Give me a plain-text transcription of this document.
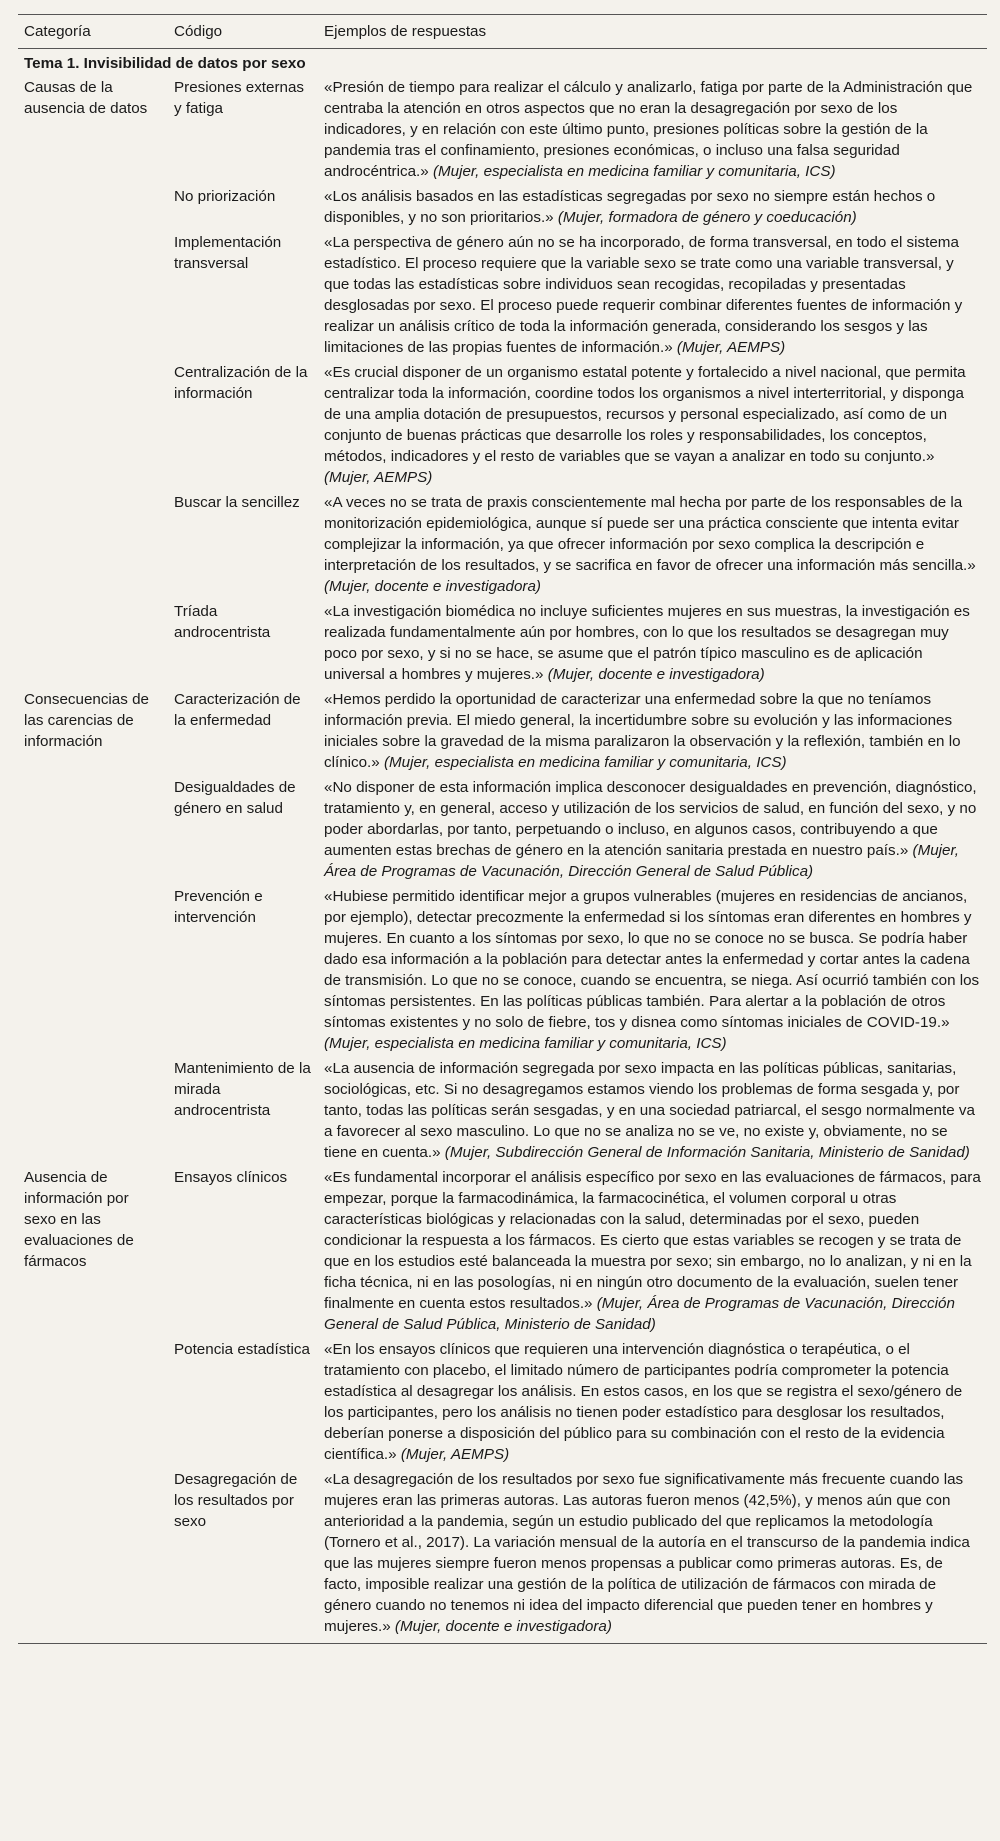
Categoría	Código	Ejemplos de respuestas
Tema 1. Invisibilidad de datos por sexo		
Causas de la ausencia de datos	Presiones externas y fatiga	«Presión de tiempo para realizar el cálculo y analizarlo, fatiga por parte de la Administración que centraba la atención en otros aspectos que no eran la desagregación por sexo de los indicadores, y en relación con este último punto, presiones políticas sobre la gestión de la pandemia tras el confinamiento, presiones económicas, o incluso una falsa seguridad androcéntrica.» (Mujer, especialista en medicina familiar y comunitaria, ICS)
	No priorización	«Los análisis basados en las estadísticas segregadas por sexo no siempre están hechos o disponibles, y no son prioritarios.» (Mujer, formadora de género y coeducación)
	Implementación transversal	«La perspectiva de género aún no se ha incorporado, de forma transversal, en todo el sistema estadístico. El proceso requiere que la variable sexo se trate como una variable transversal, y que todas las estadísticas sobre individuos sean recogidas, recopiladas y presentadas desglosadas por sexo. El proceso puede requerir combinar diferentes fuentes de información y realizar un análisis crítico de toda la información generada, considerando los sesgos y las limitaciones de las propias fuentes de información.» (Mujer, AEMPS)
	Centralización de la información	«Es crucial disponer de un organismo estatal potente y fortalecido a nivel nacional, que permita centralizar toda la información, coordine todos los organismos a nivel interterritorial, y disponga de una amplia dotación de presupuestos, recursos y personal especializado, así como de un conjunto de buenas prácticas que desarrolle los roles y responsabilidades, los conceptos, métodos, indicadores y el resto de variables que se vayan a analizar en todo su conjunto.» (Mujer, AEMPS)
	Buscar la sencillez	«A veces no se trata de praxis conscientemente mal hecha por parte de los responsables de la monitorización epidemiológica, aunque sí puede ser una práctica consciente que intenta evitar complejizar la información, ya que ofrecer información por sexo complica la descripción e interpretación de los resultados, y se sacrifica en favor de ofrecer una información más sencilla.» (Mujer, docente e investigadora)
	Tríada androcentrista	«La investigación biomédica no incluye suficientes mujeres en sus muestras, la investigación es realizada fundamentalmente aún por hombres, con lo que los resultados se desagregan muy poco por sexo, y si no se hace, se asume que el patrón típico masculino es de aplicación universal a hombres y mujeres.» (Mujer, docente e investigadora)
Consecuencias de las carencias de información	Caracterización de la enfermedad	«Hemos perdido la oportunidad de caracterizar una enfermedad sobre la que no teníamos información previa. El miedo general, la incertidumbre sobre su evolución y las informaciones iniciales sobre la gravedad de la misma paralizaron la observación y la reflexión, también en lo clínico.» (Mujer, especialista en medicina familiar y comunitaria, ICS)
	Desigualdades de género en salud	«No disponer de esta información implica desconocer desigualdades en prevención, diagnóstico, tratamiento y, en general, acceso y utilización de los servicios de salud, en función del sexo, y no poder abordarlas, por tanto, perpetuando o incluso, en algunos casos, contribuyendo a que aumenten estas brechas de género en la atención sanitaria prestada en nuestro país.» (Mujer, Área de Programas de Vacunación, Dirección General de Salud Pública)
	Prevención e intervención	«Hubiese permitido identificar mejor a grupos vulnerables (mujeres en residencias de ancianos, por ejemplo), detectar precozmente la enfermedad si los síntomas eran diferentes en hombres y mujeres. En cuanto a los síntomas por sexo, lo que no se conoce no se busca. Se podría haber dado esa información a la población para detectar antes la enfermedad y cortar antes la cadena de transmisión. Lo que no se conoce, cuando se encuentra, se niega. Así ocurrió también con los síntomas persistentes. En las políticas públicas también. Para alertar a la población de otros síntomas existentes y no solo de fiebre, tos y disnea como síntomas iniciales de COVID-19.» (Mujer, especialista en medicina familiar y comunitaria, ICS)
	Mantenimiento de la mirada androcentrista	«La ausencia de información segregada por sexo impacta en las políticas públicas, sanitarias, sociológicas, etc. Si no desagregamos estamos viendo los problemas de forma sesgada y, por tanto, todas las políticas serán sesgadas, y en una sociedad patriarcal, el sesgo normalmente va a favorecer al sexo masculino. Lo que no se analiza no se ve, no existe y, obviamente, no se tiene en cuenta.» (Mujer, Subdirección General de Información Sanitaria, Ministerio de Sanidad)
Ausencia de información por sexo en las evaluaciones de fármacos	Ensayos clínicos	«Es fundamental incorporar el análisis específico por sexo en las evaluaciones de fármacos, para empezar, porque la farmacodinámica, la farmacocinética, el volumen corporal u otras características biológicas y relacionadas con la salud, determinadas por el sexo, pueden condicionar la respuesta a los fármacos. Es cierto que estas variables se recogen y se trata de que en los estudios esté balanceada la muestra por sexo; sin embargo, no lo analizan, y ni en la ficha técnica, ni en las posologías, ni en ningún otro documento de la evaluación, suelen tener finalmente en cuenta estos resultados.» (Mujer, Área de Programas de Vacunación, Dirección General de Salud Pública, Ministerio de Sanidad)
	Potencia estadística	«En los ensayos clínicos que requieren una intervención diagnóstica o terapéutica, o el tratamiento con placebo, el limitado número de participantes podría comprometer la potencia estadística al desagregar los análisis. En estos casos, en los que se registra el sexo/género de los participantes, pero los análisis no tienen poder estadístico para desglosar los resultados, deberían ponerse a disposición del público para su combinación con el resto de la evidencia científica.» (Mujer, AEMPS)
	Desagregación de los resultados por sexo	«La desagregación de los resultados por sexo fue significativamente más frecuente cuando las mujeres eran las primeras autoras. Las autoras fueron menos (42,5%), y menos aún que con anterioridad a la pandemia, según un estudio publicado del que replicamos la metodología (Tornero et al., 2017). La variación mensual de la autoría en el transcurso de la pandemia indica que las mujeres siempre fueron menos propensas a publicar como primeras autoras. Es, de facto, imposible realizar una gestión de la política de utilización de fármacos con mirada de género cuando no tenemos ni idea del impacto diferencial que pueden tener en hombres y mujeres.» (Mujer, docente e investigadora)
